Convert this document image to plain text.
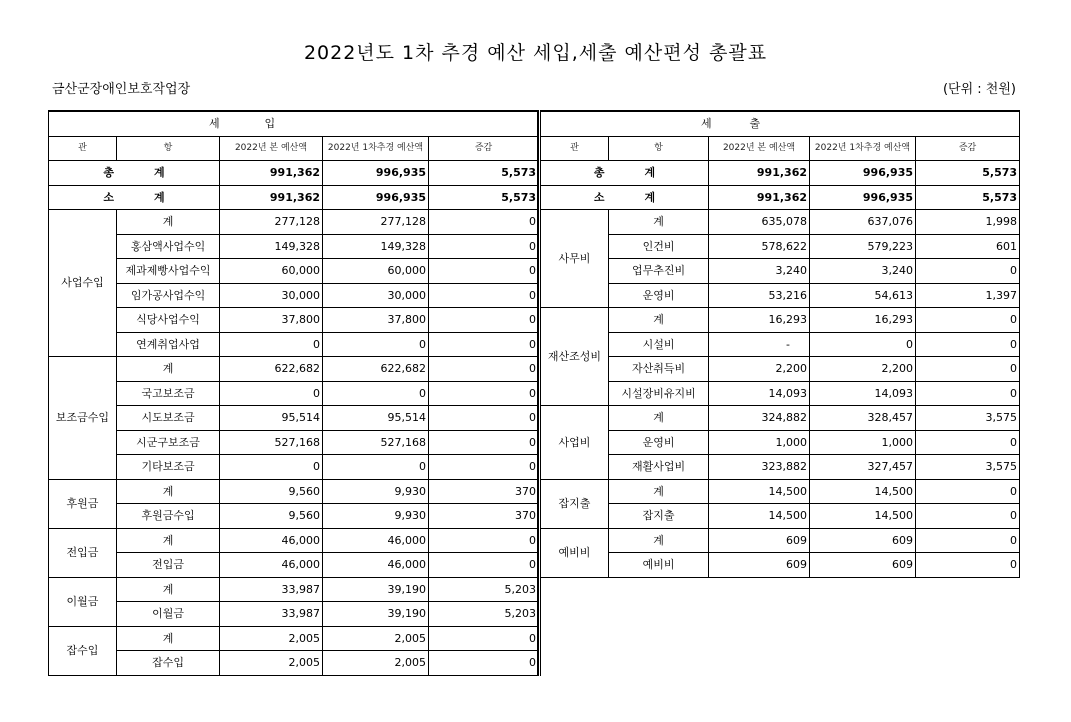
2022년도 1차 추경 예산 세입,세출 예산편성 총괄표
금산군장애인보호작업장	(단위 : 천원)
세		입		
관	항	2022년 본 예산액	2022년 1차추경 예산액	증감
총 계		991,362	996,935	5,573
소 계		991,362	996,935	5,573
사업수입	계	277,128	277,128	0
	홍삼액사업수익	149,328	149,328	0
	제과제빵사업수익	60,000	60,000	0
	임가공사업수익	30,000	30,000	0
	식당사업수익	37,800	37,800	0
	연계취업사업	0	0	0
보조금수입	계	622,682	622,682	0
	국고보조금	0	0	0
	시도보조금	95,514	95,514	0
	시군구보조금	527,168	527,168	0
	기타보조금	0	0	0
후원금	계	9,560	9,930	370
	후원금수입	9,560	9,930	370
전입금	계	46,000	46,000	0
	전입금	46,000	46,000	0
이월금	계	33,987	39,190	5,203
	이월금	33,987	39,190	5,203
잡수입	계	2,005	2,005	0
	잡수입	2,005	2,005	0
세		출		
관	항	2022년 본 예산액	2022년 1차추경 예산액	증감
총 계		991,362	996,935	5,573
소 계		991,362	996,935	5,573
사무비	계	635,078	637,076	1,998
	인건비	578,622	579,223	601
	업무추진비	3,240	3,240	0
	운영비	53,216	54,613	1,397

재산조성비	계	16,293	16,293	0
	시설비	-	0	0

	자산취득비	2,200	2,200	0
	시설장비유지비	14,093	14,093	0
사업비	계	324,882	328,457	3,575
	운영비	1,000	1,000	0
	재활사업비	323,882	327,457	3,575
잡지출	계	14,500	14,500	0
	잡지출	14,500	14,500	0

예비비	계	609	609	0
	예비비	609	609	0
